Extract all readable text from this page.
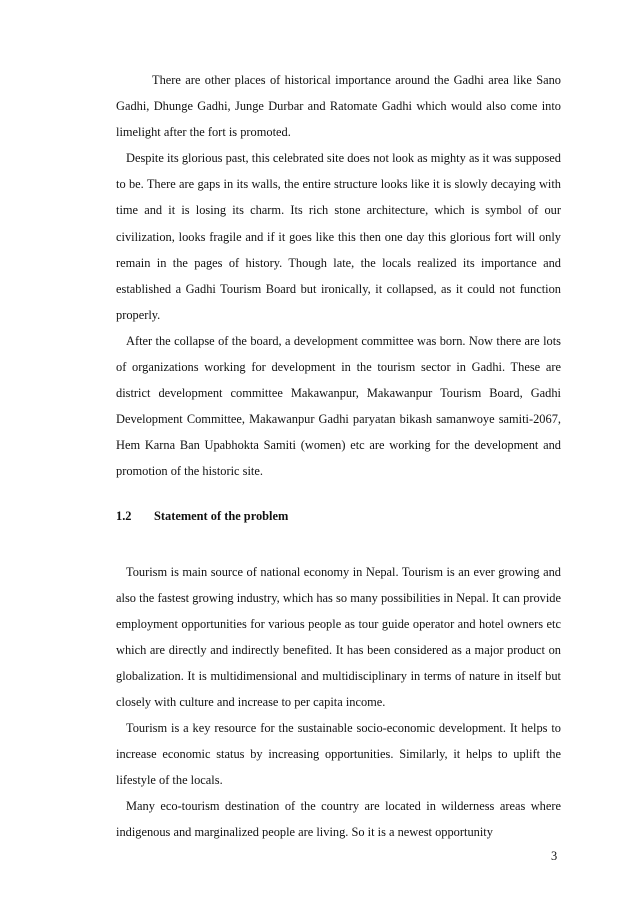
There are other places of historical importance around the Gadhi area like Sano Gadhi, Dhunge Gadhi, Junge Durbar and Ratomate Gadhi which would also come into limelight after the fort is promoted.

Despite its glorious past, this celebrated site does not look as mighty as it was supposed to be. There are gaps in its walls, the entire structure looks like it is slowly decaying with time and it is losing its charm. Its rich stone architecture, which is symbol of our civilization, looks fragile and if it goes like this then one day this glorious fort will only remain in the pages of history. Though late, the locals realized its importance and established a Gadhi Tourism Board but ironically, it collapsed, as it could not function properly.

After the collapse of the board, a development committee was born. Now there are lots of organizations working for development in the tourism sector in Gadhi. These are district development committee Makawanpur, Makawanpur Tourism Board, Gadhi Development Committee, Makawanpur Gadhi paryatan bikash samanwoye samiti-2067, Hem Karna Ban Upabhokta Samiti (women) etc are working for the development and promotion of the historic site.

1.2	Statement of the problem

Tourism is main source of national economy in Nepal. Tourism is an ever growing and also the fastest growing industry, which has so many possibilities in Nepal. It can provide employment opportunities for various people as tour guide operator and hotel owners etc which are directly and indirectly benefited. It has been considered as a major product on globalization. It is multidimensional and multidisciplinary in terms of nature in itself but closely with culture and increase to per capita income.

Tourism is a key resource for the sustainable socio-economic development. It helps to increase economic status by increasing opportunities. Similarly, it helps to uplift the lifestyle of the locals.

Many eco-tourism destination of the country are located in wilderness areas where indigenous and marginalized people are living. So it is a newest opportunity

3
